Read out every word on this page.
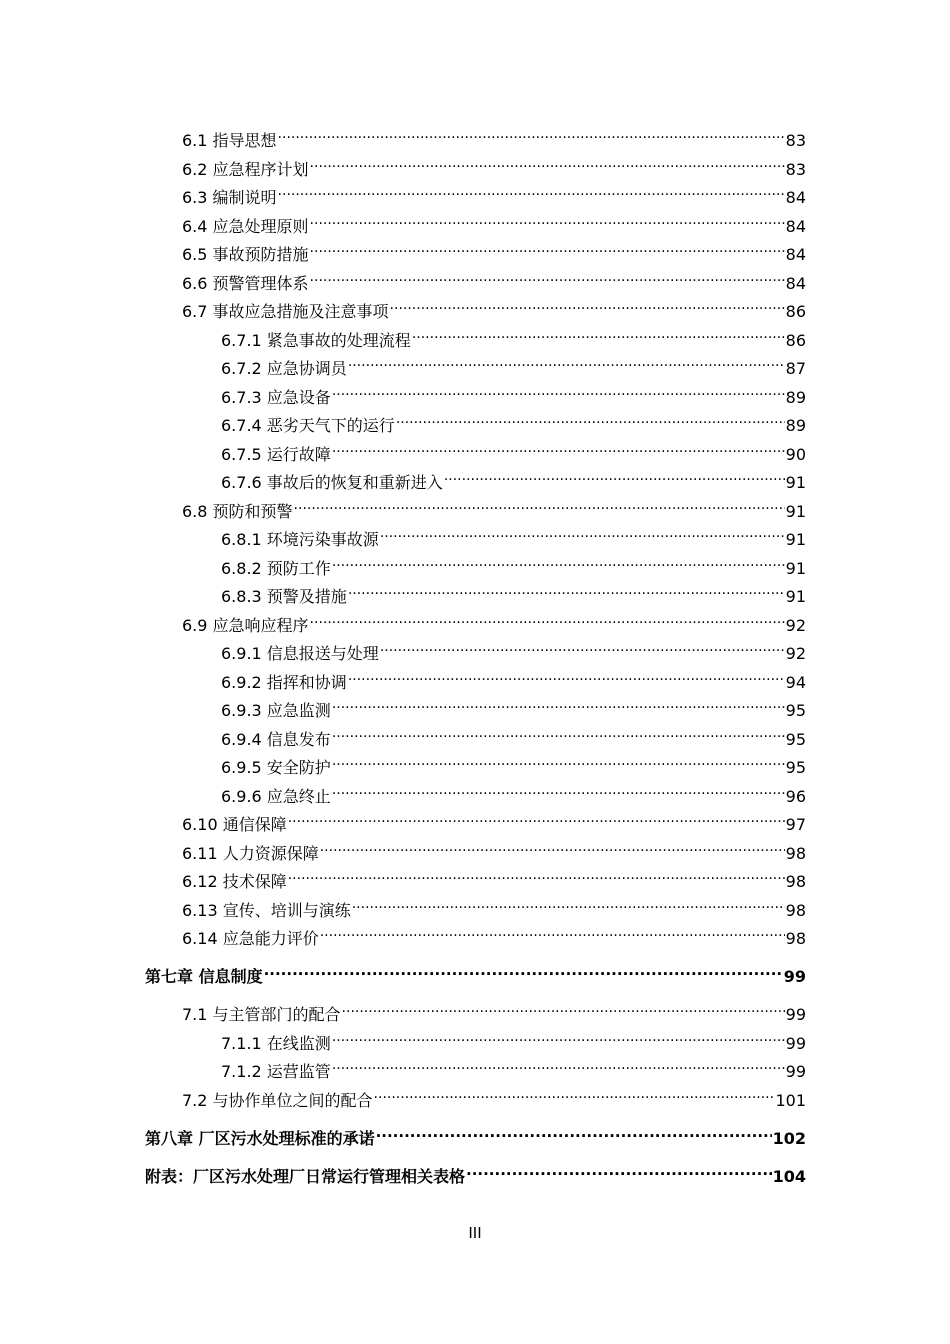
6.1 指导思想 .....	83
6.2 应急程序计划 .....	83
6.3 编制说明 .....	84
6.4 应急处理原则 .....	84
6.5 事故预防措施 .....	84
6.6 预警管理体系 .....	84
6.7 事故应急措施及注意事项 .....	86
6.7.1 紧急事故的处理流程 .....	86
6.7.2 应急协调员 .....	87
6.7.3 应急设备 .....	89
6.7.4 恶劣天气下的运行 .....	89
6.7.5 运行故障 .....	90
6.7.6 事故后的恢复和重新进入 .....	91
6.8 预防和预警 .....	91
6.8.1 环境污染事故源 .....	91
6.8.2 预防工作 .....	91
6.8.3 预警及措施 .....	91
6.9 应急响应程序 .....	92
6.9.1 信息报送与处理 .....	92
6.9.2 指挥和协调 .....	94
6.9.3 应急监测 .....	95
6.9.4 信息发布 .....	95
6.9.5 安全防护 .....	95
6.9.6 应急终止 .....	96
6.10 通信保障 .....	97
6.11 人力资源保障 .....	98
6.12 技术保障 .....	98
6.13 宣传、培训与演练 .....	98
6.14 应急能力评价 .....	98
第七章 信息制度 .....	99
7.1 与主管部门的配合 .....	99
7.1.1 在线监测 .....	99
7.1.2 运营监管 .....	99
7.2 与协作单位之间的配合 .....	101
第八章 厂区污水处理标准的承诺 .....	102
附表：厂区污水处理厂日常运行管理相关表格 .....	104
III
